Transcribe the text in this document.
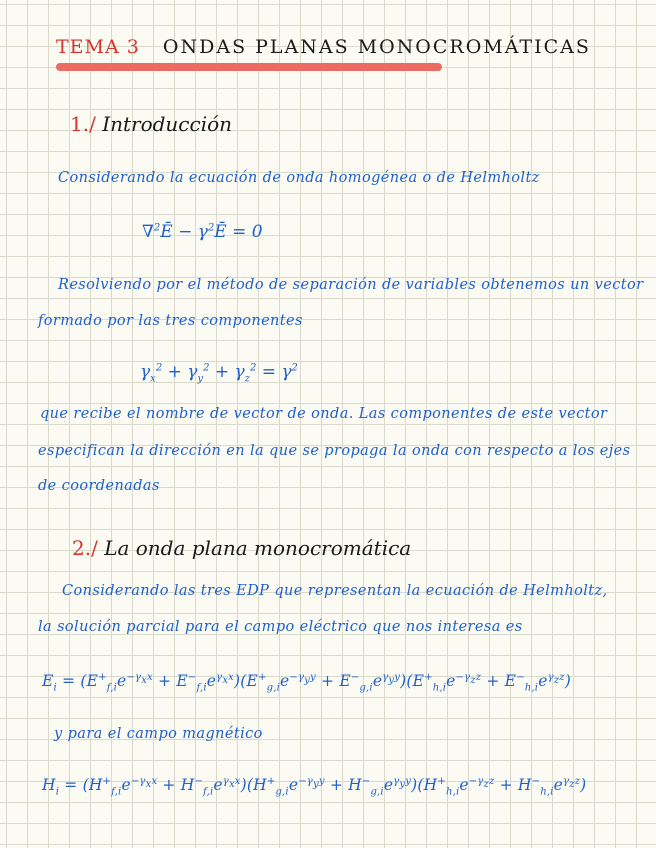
TEMA 3 ONDAS PLANAS MONOCROMÁTICAS
1./ Introducción
Considerando la ecuación de onda homogénea o de Helmholtz
∇$^2$Ē − $\gamma^2Ē = 0$
Resolviendo por el método de separación de variables obtenemos un vector
formado por las tres componentes
$\gamma_x^2 + \gamma_y^2 + \gamma_z^2 = \gamma^2$
que recibe el nombre de vector de onda. Las componentes de este vector
especifican la dirección en la que se propaga la onda con respecto a los ejes
de coordenadas
2./ La onda plana monocromática
Considerando las tres EDP que representan la ecuación de Helmholtz,
la solución parcial para el campo eléctrico que nos interesa es
$E_i = (E^+_{f,i}e^{-\gamma_xx} + E^-_{f,i}e^{\gamma_xx})(E^+_{g,i}e^{-\gamma_yy} + E^-_{g,i}e^{\gamma_yy})(E^+_{h,i}e^{-\gamma_zz} + E^-_{h,i}e^{\gamma_zz})$
y para el campo magnético
$H_i = (H^+_{f,i}e^{-\gamma_xx} + H^-_{f,i}e^{\gamma_xx})(H^+_{g,i}e^{-\gamma_yy} + H^-_{g,i}e^{\gamma_yy})(H^+_{h,i}e^{-\gamma_zz} + H^-_{h,i}e^{\gamma_zz})$
